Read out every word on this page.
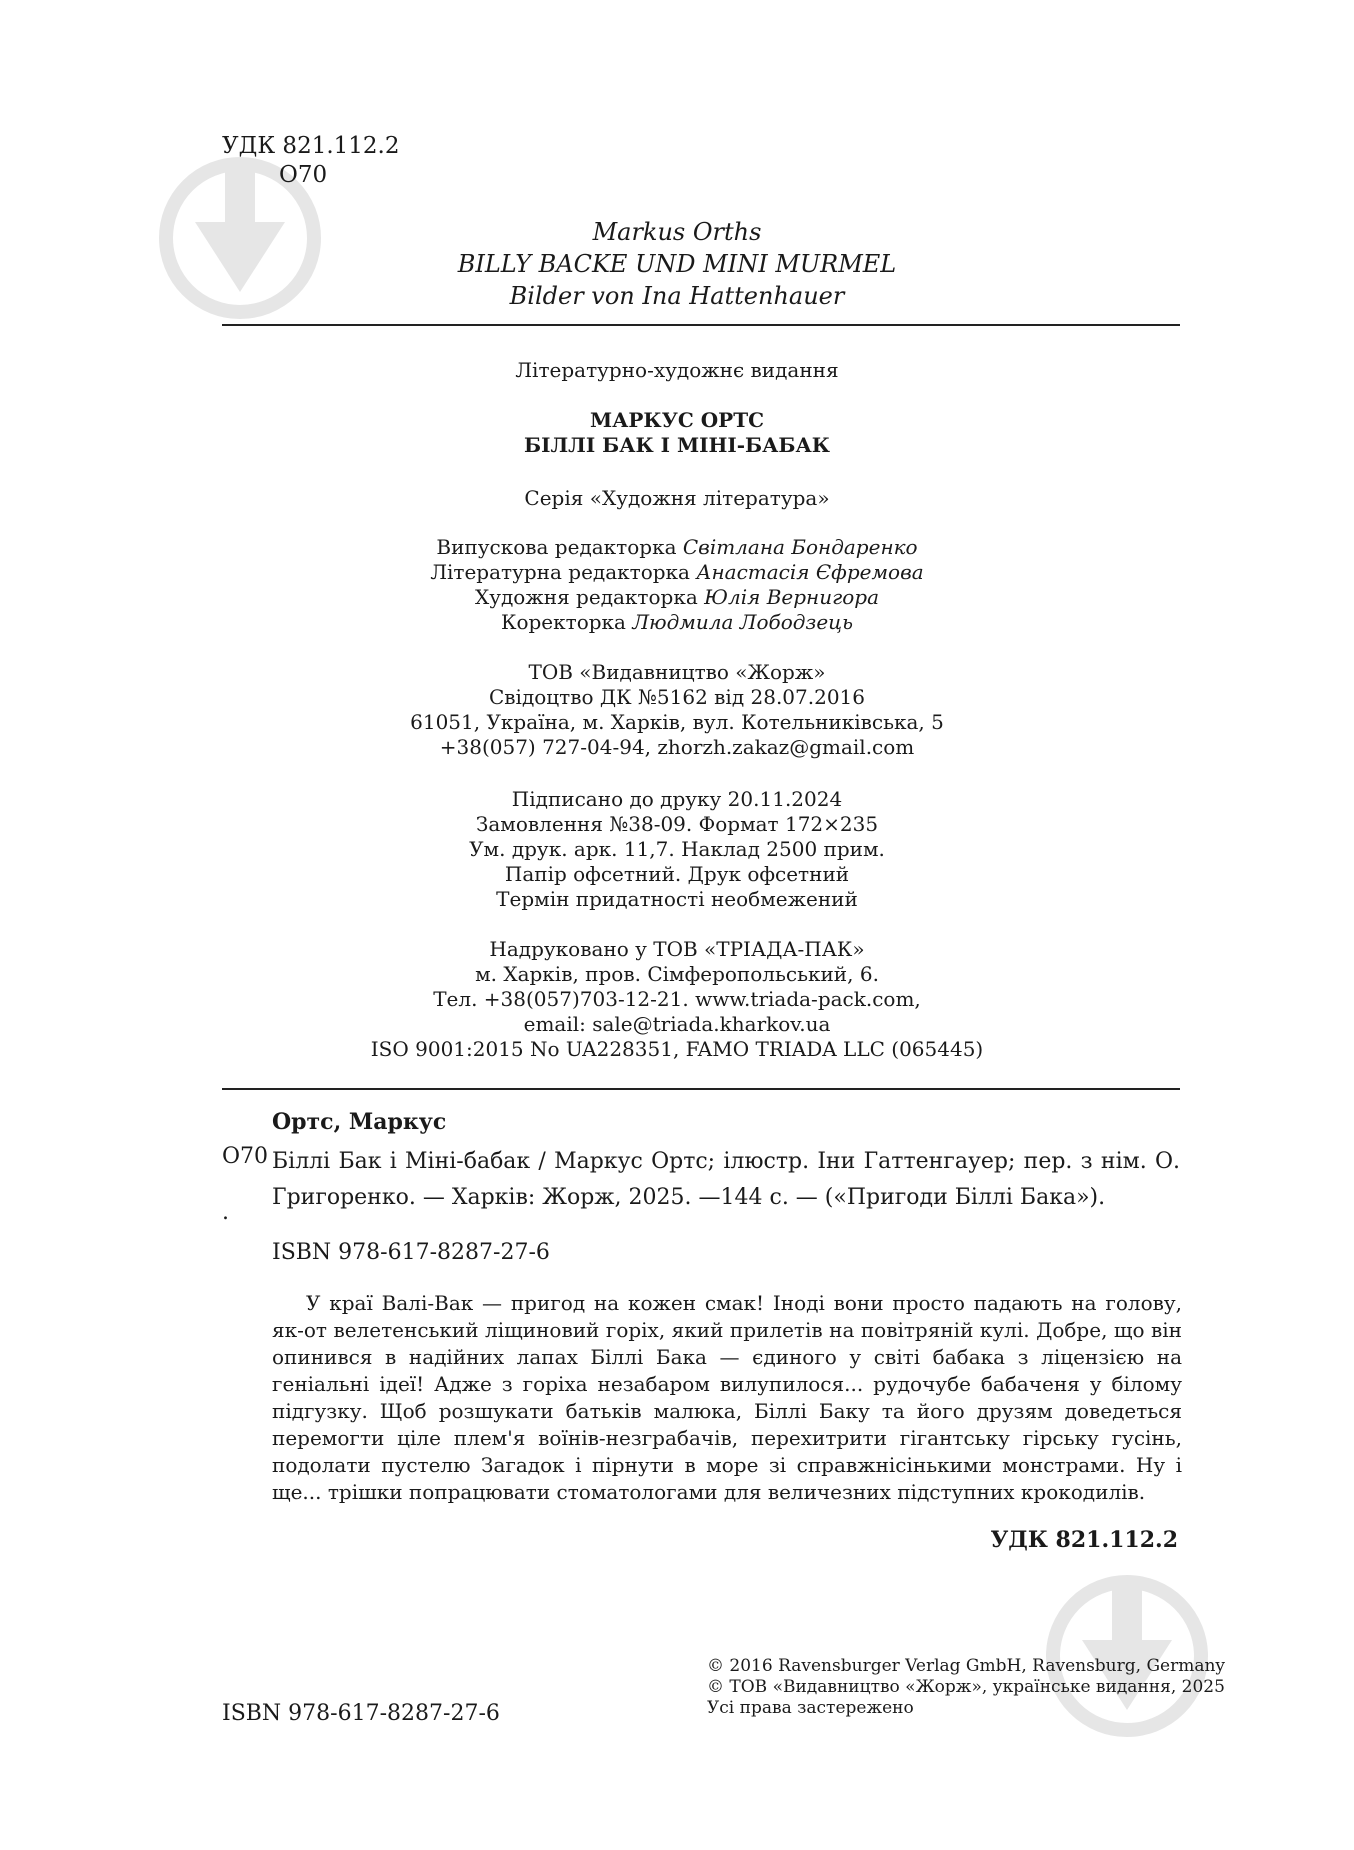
УДК 821.112.2
О70
Markus Orths
BILLY BACKE UND MINI MURMEL
Bilder von Ina Hattenhauer
Літературно-художнє видання
МАРКУС ОРТС
БІЛЛІ БАК І МІНІ-БАБАК
Серія «Художня література»
Випускова редакторка Світлана Бондаренко
Літературна редакторка Анастасія Єфремова
Художня редакторка Юлія Вернигора
Коректорка Людмила Лободзець
ТОВ «Видавництво «Жорж»
Свідоцтво ДК №5162 від 28.07.2016
61051, Україна, м. Харків, вул. Котельниківська, 5
+38(057) 727-04-94, zhorzh.zakaz@gmail.com
Підписано до друку 20.11.2024
Замовлення №38-09. Формат 172×235
Ум. друк. арк. 11,7. Наклад 2500 прим.
Папір офсетний. Друк офсетний
Термін придатності необмежений
Надруковано у ТОВ «ТРІАДА-ПАК»
м. Харків, пров. Сімферопольський, 6.
Тел. +38(057)703-12-21. www.triada-pack.com,
email: sale@triada.kharkov.ua
ISO 9001:2015 No UA228351, FAMO TRIADA LLC (065445)
Ортс, Маркус
О70 Біллі Бак і Міні-бабак / Маркус Ортс; ілюстр. Іни Гаттенгауер; пер. з нім. О. Григоренко. — Харків: Жорж, 2025. —144 с. — («Пригоди Біллі Бака»).
.
ISBN 978-617-8287-27-6
У краї Валі-Вак — пригод на кожен смак! Іноді вони просто падають на голову, як-от велетенський ліщиновий горіх, який прилетів на повітряній кулі. Добре, що він опинився в надійних лапах Біллі Бака — єдиного у світі бабака з ліцензією на геніальні ідеї! Адже з горіха незабаром вилупилося... рудочубе бабаченя у білому підгузку. Щоб розшукати батьків малюка, Біллі Баку та його друзям доведеться перемогти ціле плем'я воїнів-незграбачів, перехитрити гігантську гірську гусінь, подолати пустелю Загадок і пірнути в море зі справжнісінькими монстрами. Ну і ще... трішки попрацювати стоматологами для величезних підступних крокодилів.
УДК 821.112.2
© 2016 Ravensburger Verlag GmbH, Ravensburg, Germany
© ТОВ «Видавництво «Жорж», українське видання, 2025
Усі права застережено
ISBN 978-617-8287-27-6
